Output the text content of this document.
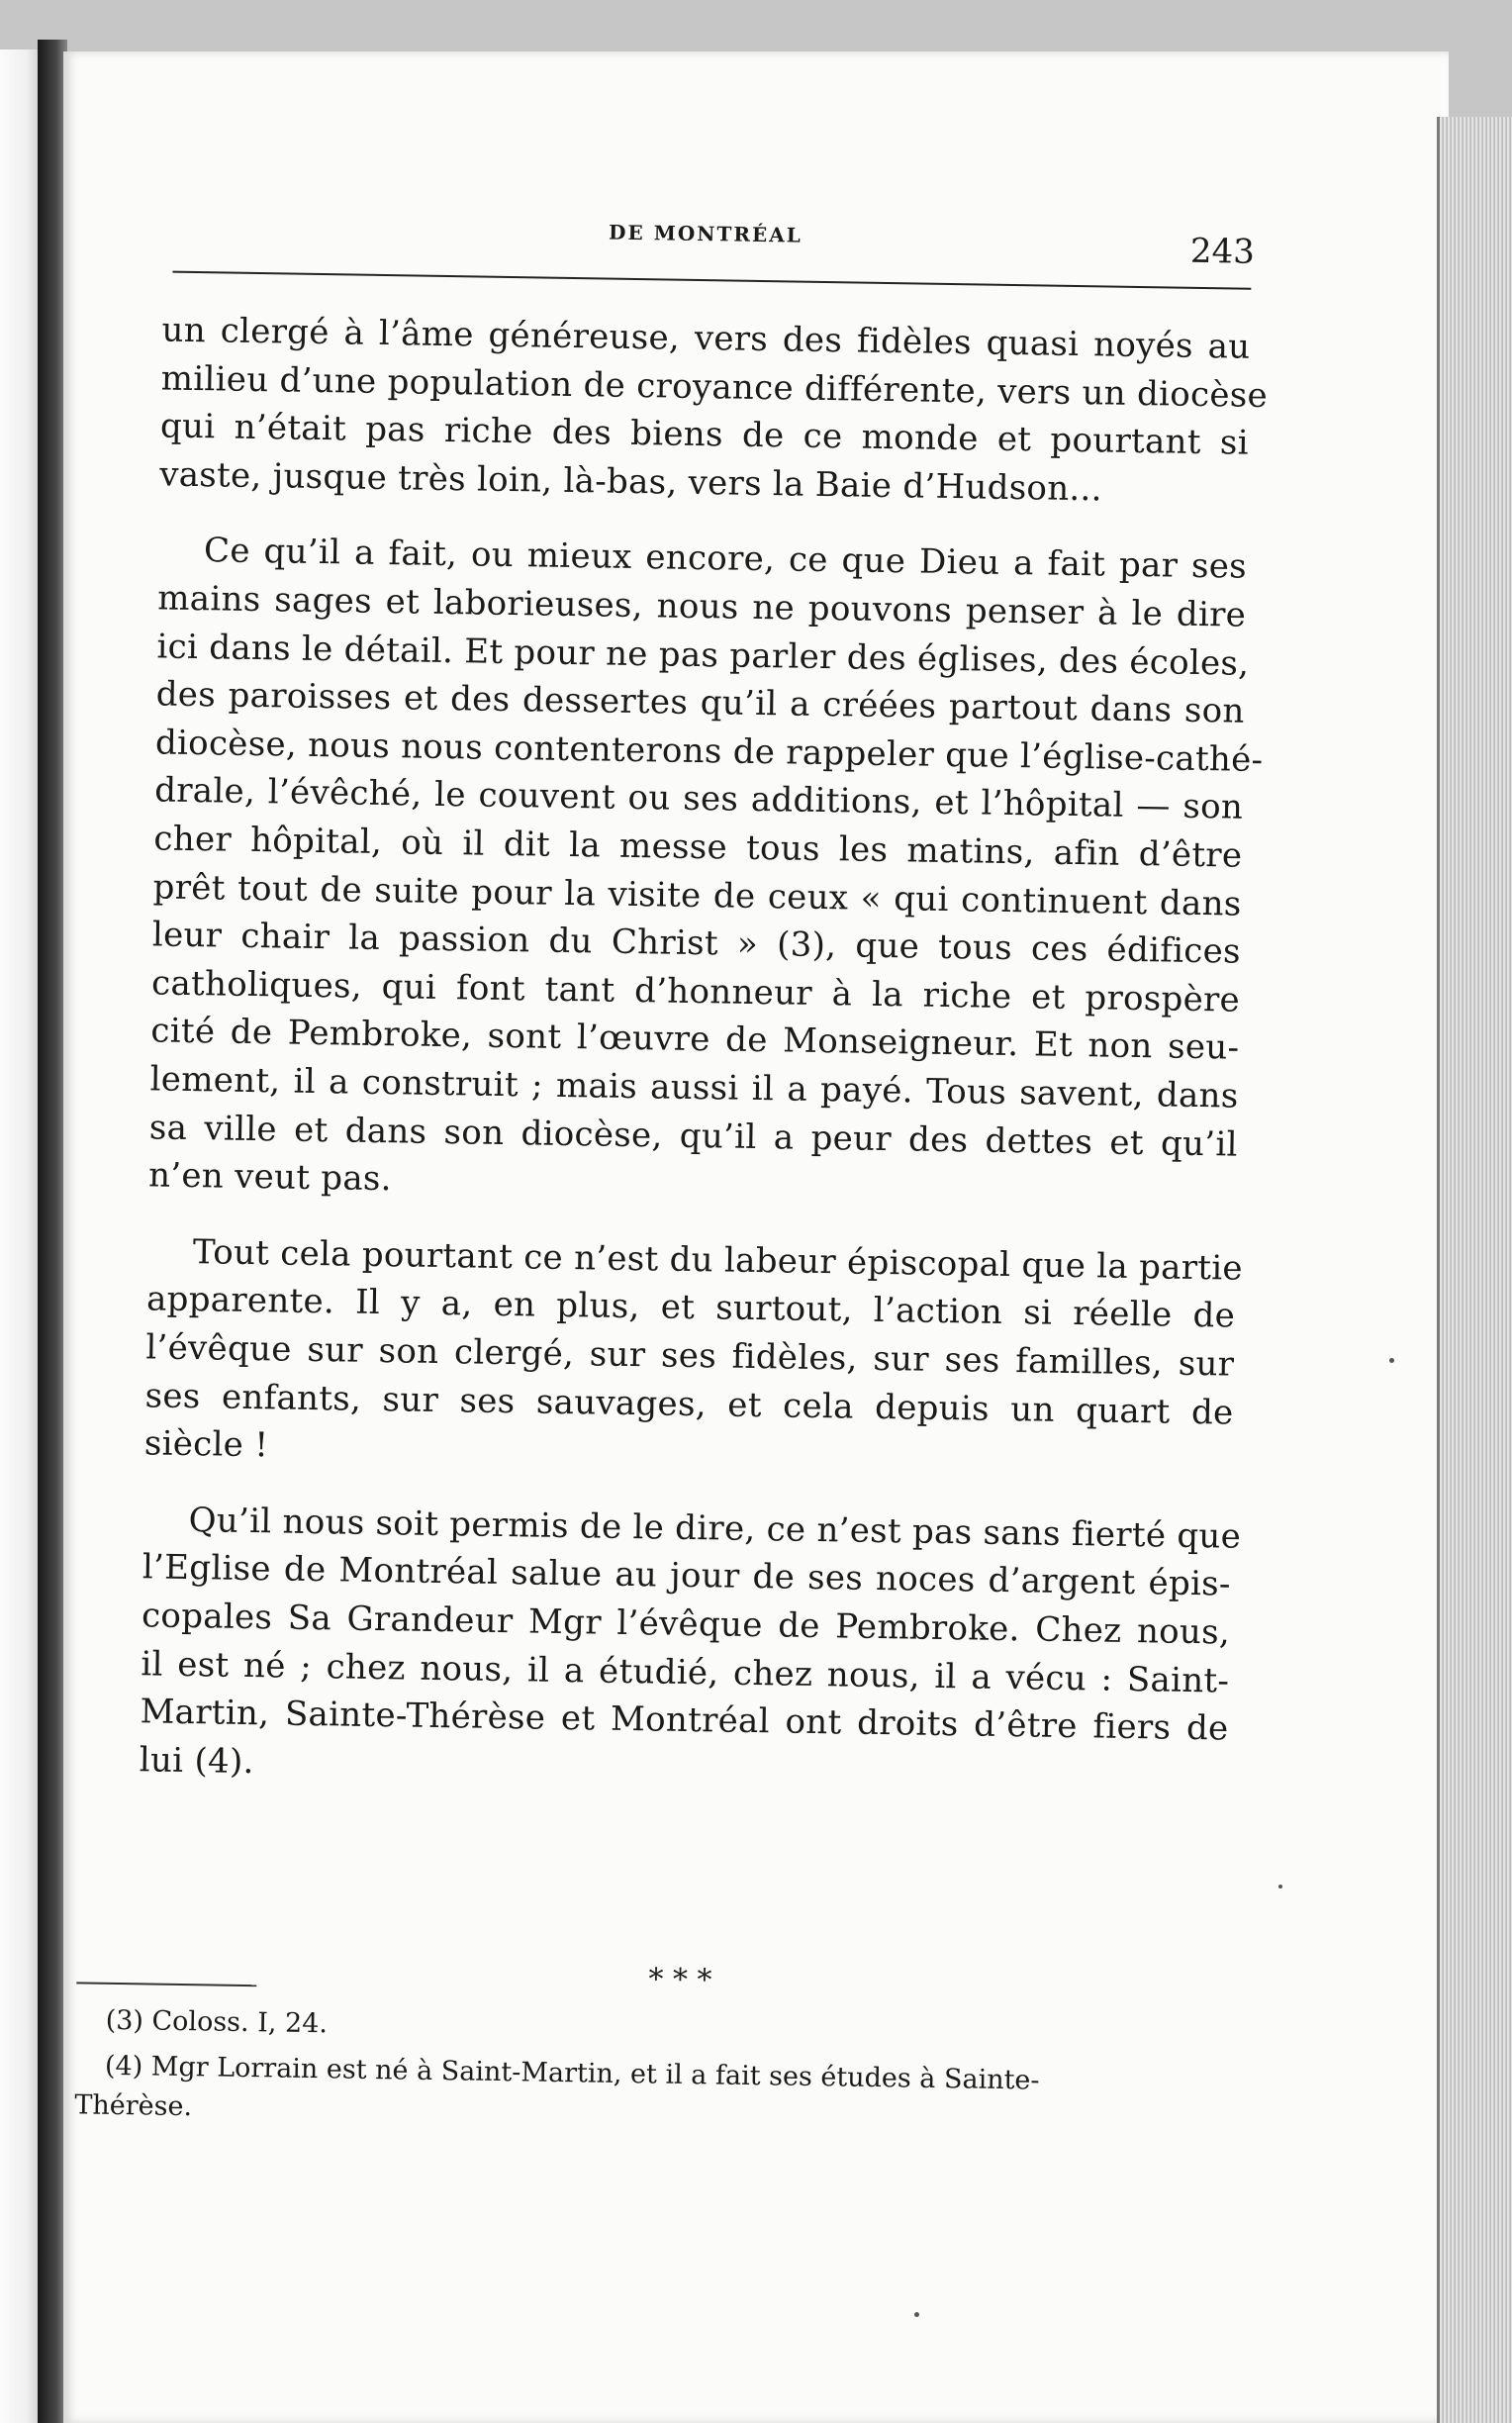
DE MONTRÉAL	243
un clergé à l’âme généreuse, vers des fidèles quasi noyés au
milieu d’une population de croyance différente, vers un diocèse
qui n’était pas riche des biens de ce monde et pourtant si
vaste, jusque très loin, là-bas, vers la Baie d’Hudson...
Ce qu’il a fait, ou mieux encore, ce que Dieu a fait par ses
mains sages et laborieuses, nous ne pouvons penser à le dire
ici dans le détail. Et pour ne pas parler des églises, des écoles,
des paroisses et des dessertes qu’il a créées partout dans son
diocèse, nous nous contenterons de rappeler que l’église-cathé-
drale, l’évêché, le couvent ou ses additions, et l’hôpital — son
cher hôpital, où il dit la messe tous les matins, afin d’être
prêt tout de suite pour la visite de ceux « qui continuent dans
leur chair la passion du Christ » (3), que tous ces édifices
catholiques, qui font tant d’honneur à la riche et prospère
cité de Pembroke, sont l’œuvre de Monseigneur. Et non seu-
lement, il a construit ; mais aussi il a payé. Tous savent, dans
sa ville et dans son diocèse, qu’il a peur des dettes et qu’il
n’en veut pas.
Tout cela pourtant ce n’est du labeur épiscopal que la partie
apparente. Il y a, en plus, et surtout, l’action si réelle de
l’évêque sur son clergé, sur ses fidèles, sur ses familles, sur
ses enfants, sur ses sauvages, et cela depuis un quart de
siècle !
Qu’il nous soit permis de le dire, ce n’est pas sans fierté que
l’Eglise de Montréal salue au jour de ses noces d’argent épis-
copales Sa Grandeur Mgr l’évêque de Pembroke. Chez nous,
il est né ; chez nous, il a étudié, chez nous, il a vécu : Saint-
Martin, Sainte-Thérèse et Montréal ont droits d’être fiers de
lui (4).
* * *
(3) Coloss. I, 24.
(4) Mgr Lorrain est né à Saint-Martin, et il a fait ses études à Sainte-
Thérèse.
